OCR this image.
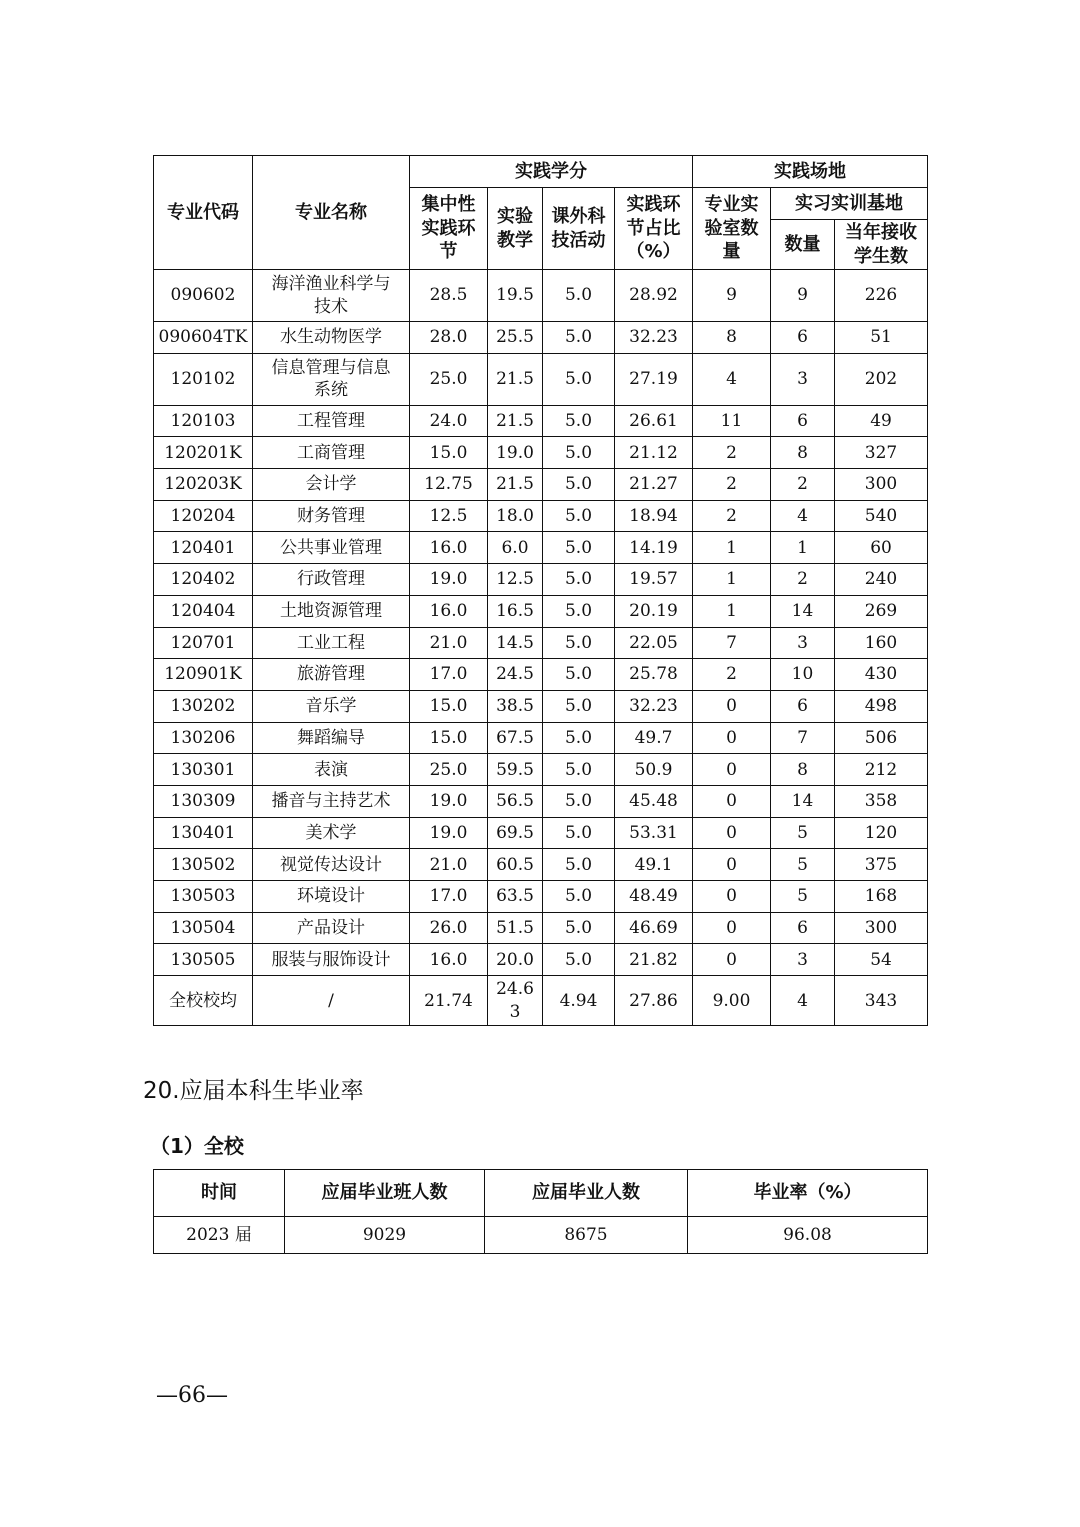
专业代码	专业名称	实践学分				实践场地		

		集中性实践环节	实验教学	课外科技活动	实践环节占比（%）	专业实验室数量	实习实训基地	
							数量	当年接收学生数

090602	海洋渔业科学与技术	28.5	19.5	5.0	28.92	9	9	226

090604TK	水生动物医学	28.0	25.5	5.0	32.23	8	6	51

120102	信息管理与信息系统	25.0	21.5	5.0	27.19	4	3	202

120103	工程管理	24.0	21.5	5.0	26.61	11	6	49

120201K	工商管理	15.0	19.0	5.0	21.12	2	8	327

120203K	会计学	12.75	21.5	5.0	21.27	2	2	300

120204	财务管理	12.5	18.0	5.0	18.94	2	4	540

120401	公共事业管理	16.0	6.0	5.0	14.19	1	1	60

120402	行政管理	19.0	12.5	5.0	19.57	1	2	240

120404	土地资源管理	16.0	16.5	5.0	20.19	1	14	269

120701	工业工程	21.0	14.5	5.0	22.05	7	3	160

120901K	旅游管理	17.0	24.5	5.0	25.78	2	10	430

130202	音乐学	15.0	38.5	5.0	32.23	0	6	498

130206	舞蹈编导	15.0	67.5	5.0	49.7	0	7	506

130301	表演	25.0	59.5	5.0	50.9	0	8	212

130309	播音与主持艺术	19.0	56.5	5.0	45.48	0	14	358

130401	美术学	19.0	69.5	5.0	53.31	0	5	120

130502	视觉传达设计	21.0	60.5	5.0	49.1	0	5	375

130503	环境设计	17.0	63.5	5.0	48.49	0	5	168

130504	产品设计	26.0	51.5	5.0	46.69	0	6	300

130505	服装与服饰设计	16.0	20.0	5.0	21.82	0	3	54

全校校均	/	21.74	24.63	4.94	27.86	9.00	4	343
20.应届本科生毕业率
（1）全校
时间	应届毕业班人数	应届毕业人数	毕业率（%）
2023 届	9029	8675	96.08
—66—
